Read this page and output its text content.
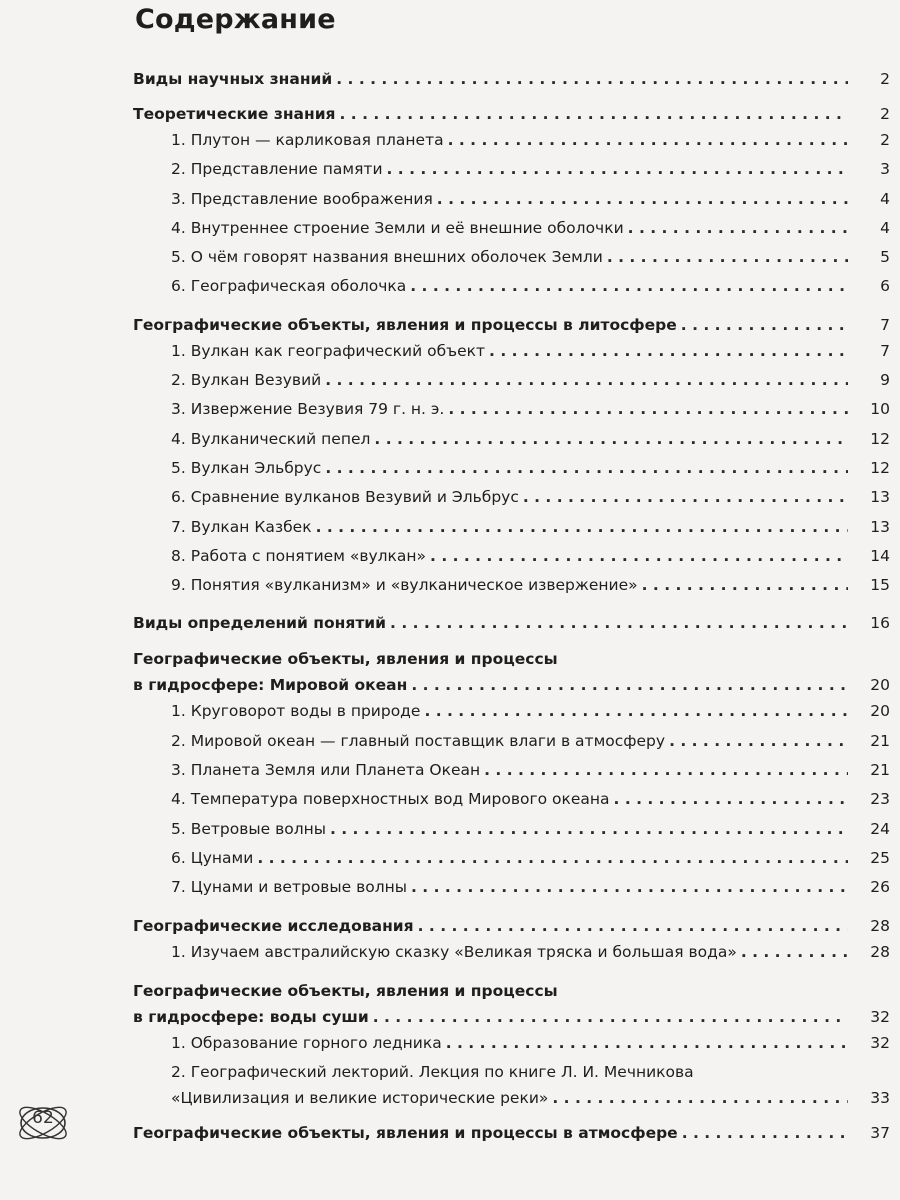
Содержание
Виды научных знаний . . .	2
Теоретические знания . . .	2
1. Плутон — карликовая планета . . .	2
2. Представление памяти . . .	3
3. Представление воображения . . .	4
4. Внутреннее строение Земли и её внешние оболочки . . .	4
5. О чём говорят названия внешних оболочек Земли . . .	5
6. Географическая оболочка . . .	6
Географические объекты, явления и процессы в литосфере . . .	7
1. Вулкан как географический объект . . .	7
2. Вулкан Везувий . . .	9
3. Извержение Везувия 79 г. н. э. . . .	10
4. Вулканический пепел . . .	12
5. Вулкан Эльбрус . . .	12
6. Сравнение вулканов Везувий и Эльбрус . . .	13
7. Вулкан Казбек . . .	13
8. Работа с понятием «вулкан» . . .	14
9. Понятия «вулканизм» и «вулканическое извержение» . . .	15
Виды определений понятий . . .	16
Географические объекты, явления и процессы
в гидросфере: Мировой океан . . .	20
1. Круговорот воды в природе . . .	20
2. Мировой океан — главный поставщик влаги в атмосферу . . .	21
3. Планета Земля или Планета Океан . . .	21
4. Температура поверхностных вод Мирового океана . . .	23
5. Ветровые волны . . .	24
6. Цунами . . .	25
7. Цунами и ветровые волны . . .	26
Географические исследования . . .	28
1. Изучаем австралийскую сказку «Великая тряска и большая вода» . . .	28
Географические объекты, явления и процессы
в гидросфере: воды суши . . .	32
1. Образование горного ледника . . .	32
2. Географический лекторий. Лекция по книге Л. И. Мечникова
«Цивилизация и великие исторические реки» . . .	33
Географические объекты, явления и процессы в атмосфере . . .	37
62
